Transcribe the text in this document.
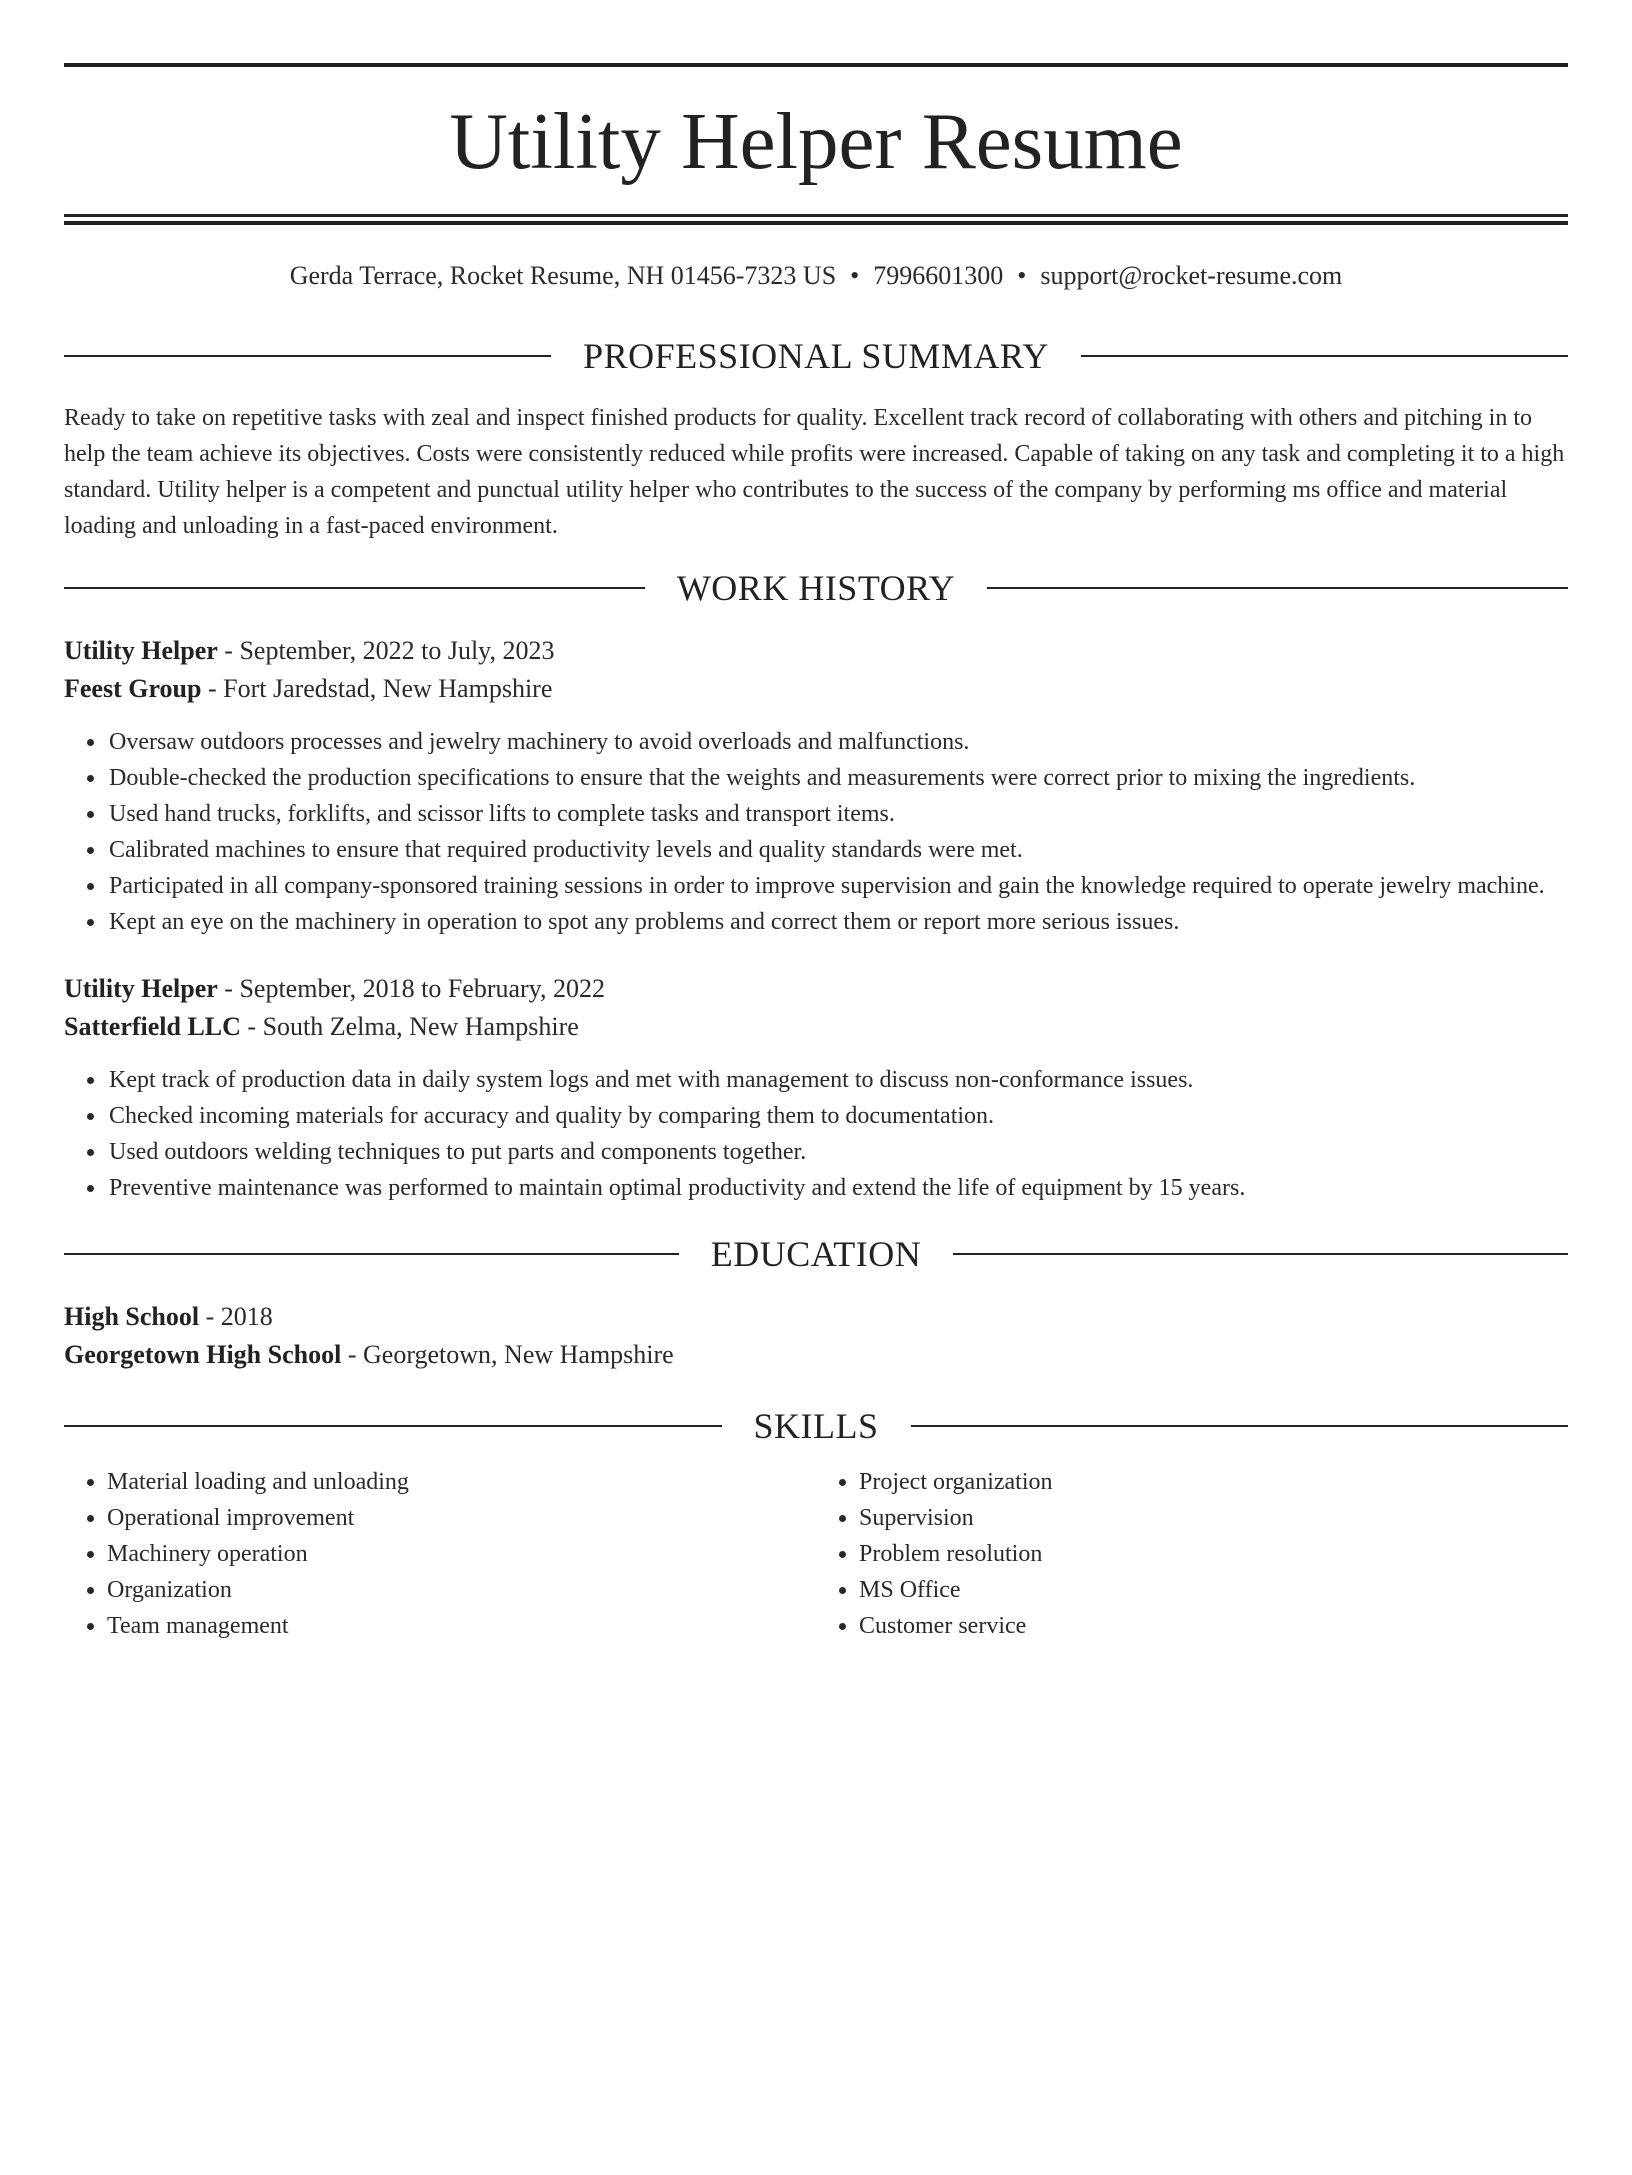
Utility Helper Resume
Gerda Terrace, Rocket Resume, NH 01456-7323 US • 7996601300 • support@rocket-resume.com
PROFESSIONAL SUMMARY
Ready to take on repetitive tasks with zeal and inspect finished products for quality. Excellent track record of collaborating with others and pitching in to help the team achieve its objectives. Costs were consistently reduced while profits were increased. Capable of taking on any task and completing it to a high standard. Utility helper is a competent and punctual utility helper who contributes to the success of the company by performing ms office and material loading and unloading in a fast-paced environment.
WORK HISTORY
Utility Helper - September, 2022 to July, 2023
Feest Group - Fort Jaredstad, New Hampshire
• Oversaw outdoors processes and jewelry machinery to avoid overloads and malfunctions.
• Double-checked the production specifications to ensure that the weights and measurements were correct prior to mixing the ingredients.
• Used hand trucks, forklifts, and scissor lifts to complete tasks and transport items.
• Calibrated machines to ensure that required productivity levels and quality standards were met.
• Participated in all company-sponsored training sessions in order to improve supervision and gain the knowledge required to operate jewelry machine.
• Kept an eye on the machinery in operation to spot any problems and correct them or report more serious issues.
Utility Helper - September, 2018 to February, 2022
Satterfield LLC - South Zelma, New Hampshire
• Kept track of production data in daily system logs and met with management to discuss non-conformance issues.
• Checked incoming materials for accuracy and quality by comparing them to documentation.
• Used outdoors welding techniques to put parts and components together.
• Preventive maintenance was performed to maintain optimal productivity and extend the life of equipment by 15 years.
EDUCATION
High School - 2018
Georgetown High School - Georgetown, New Hampshire
SKILLS
• Material loading and unloading
• Operational improvement
• Machinery operation
• Organization
• Team management
• Project organization
• Supervision
• Problem resolution
• MS Office
• Customer service
